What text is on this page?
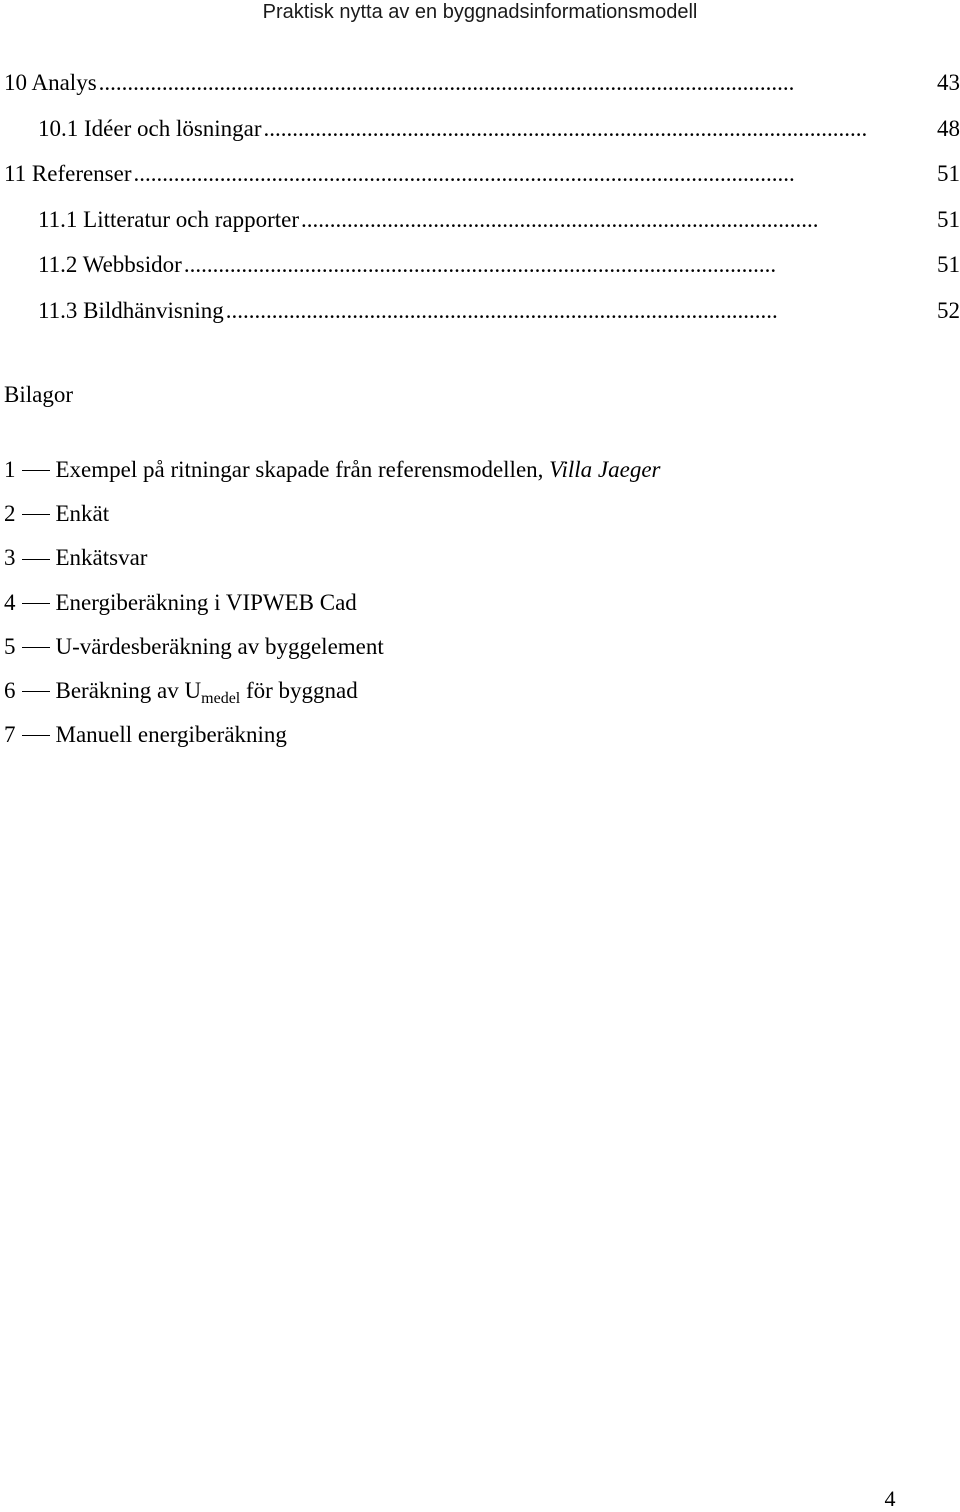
Praktisk nytta av en byggnadsinformationsmodell
10 Analys .........................................................................................................................	43
10.1 Idéer och lösningar .........................................................................................................	48
11 Referenser ...................................................................................................................	51
11.1 Litteratur och rapporter ..........................................................................................	51
11.2 Webbsidor .......................................................................................................	51
11.3 Bildhänvisning ................................................................................................	52
Bilagor
1 Exempel på ritningar skapade från referensmodellen, Villa Jaeger
2 Enkät
3 Enkätsvar
4 Energiberäkning i VIPWEB Cad
5 U-värdesberäkning av byggelement
6 Beräkning av $U_{medel}$ för byggnad
7 Manuell energiberäkning
4
